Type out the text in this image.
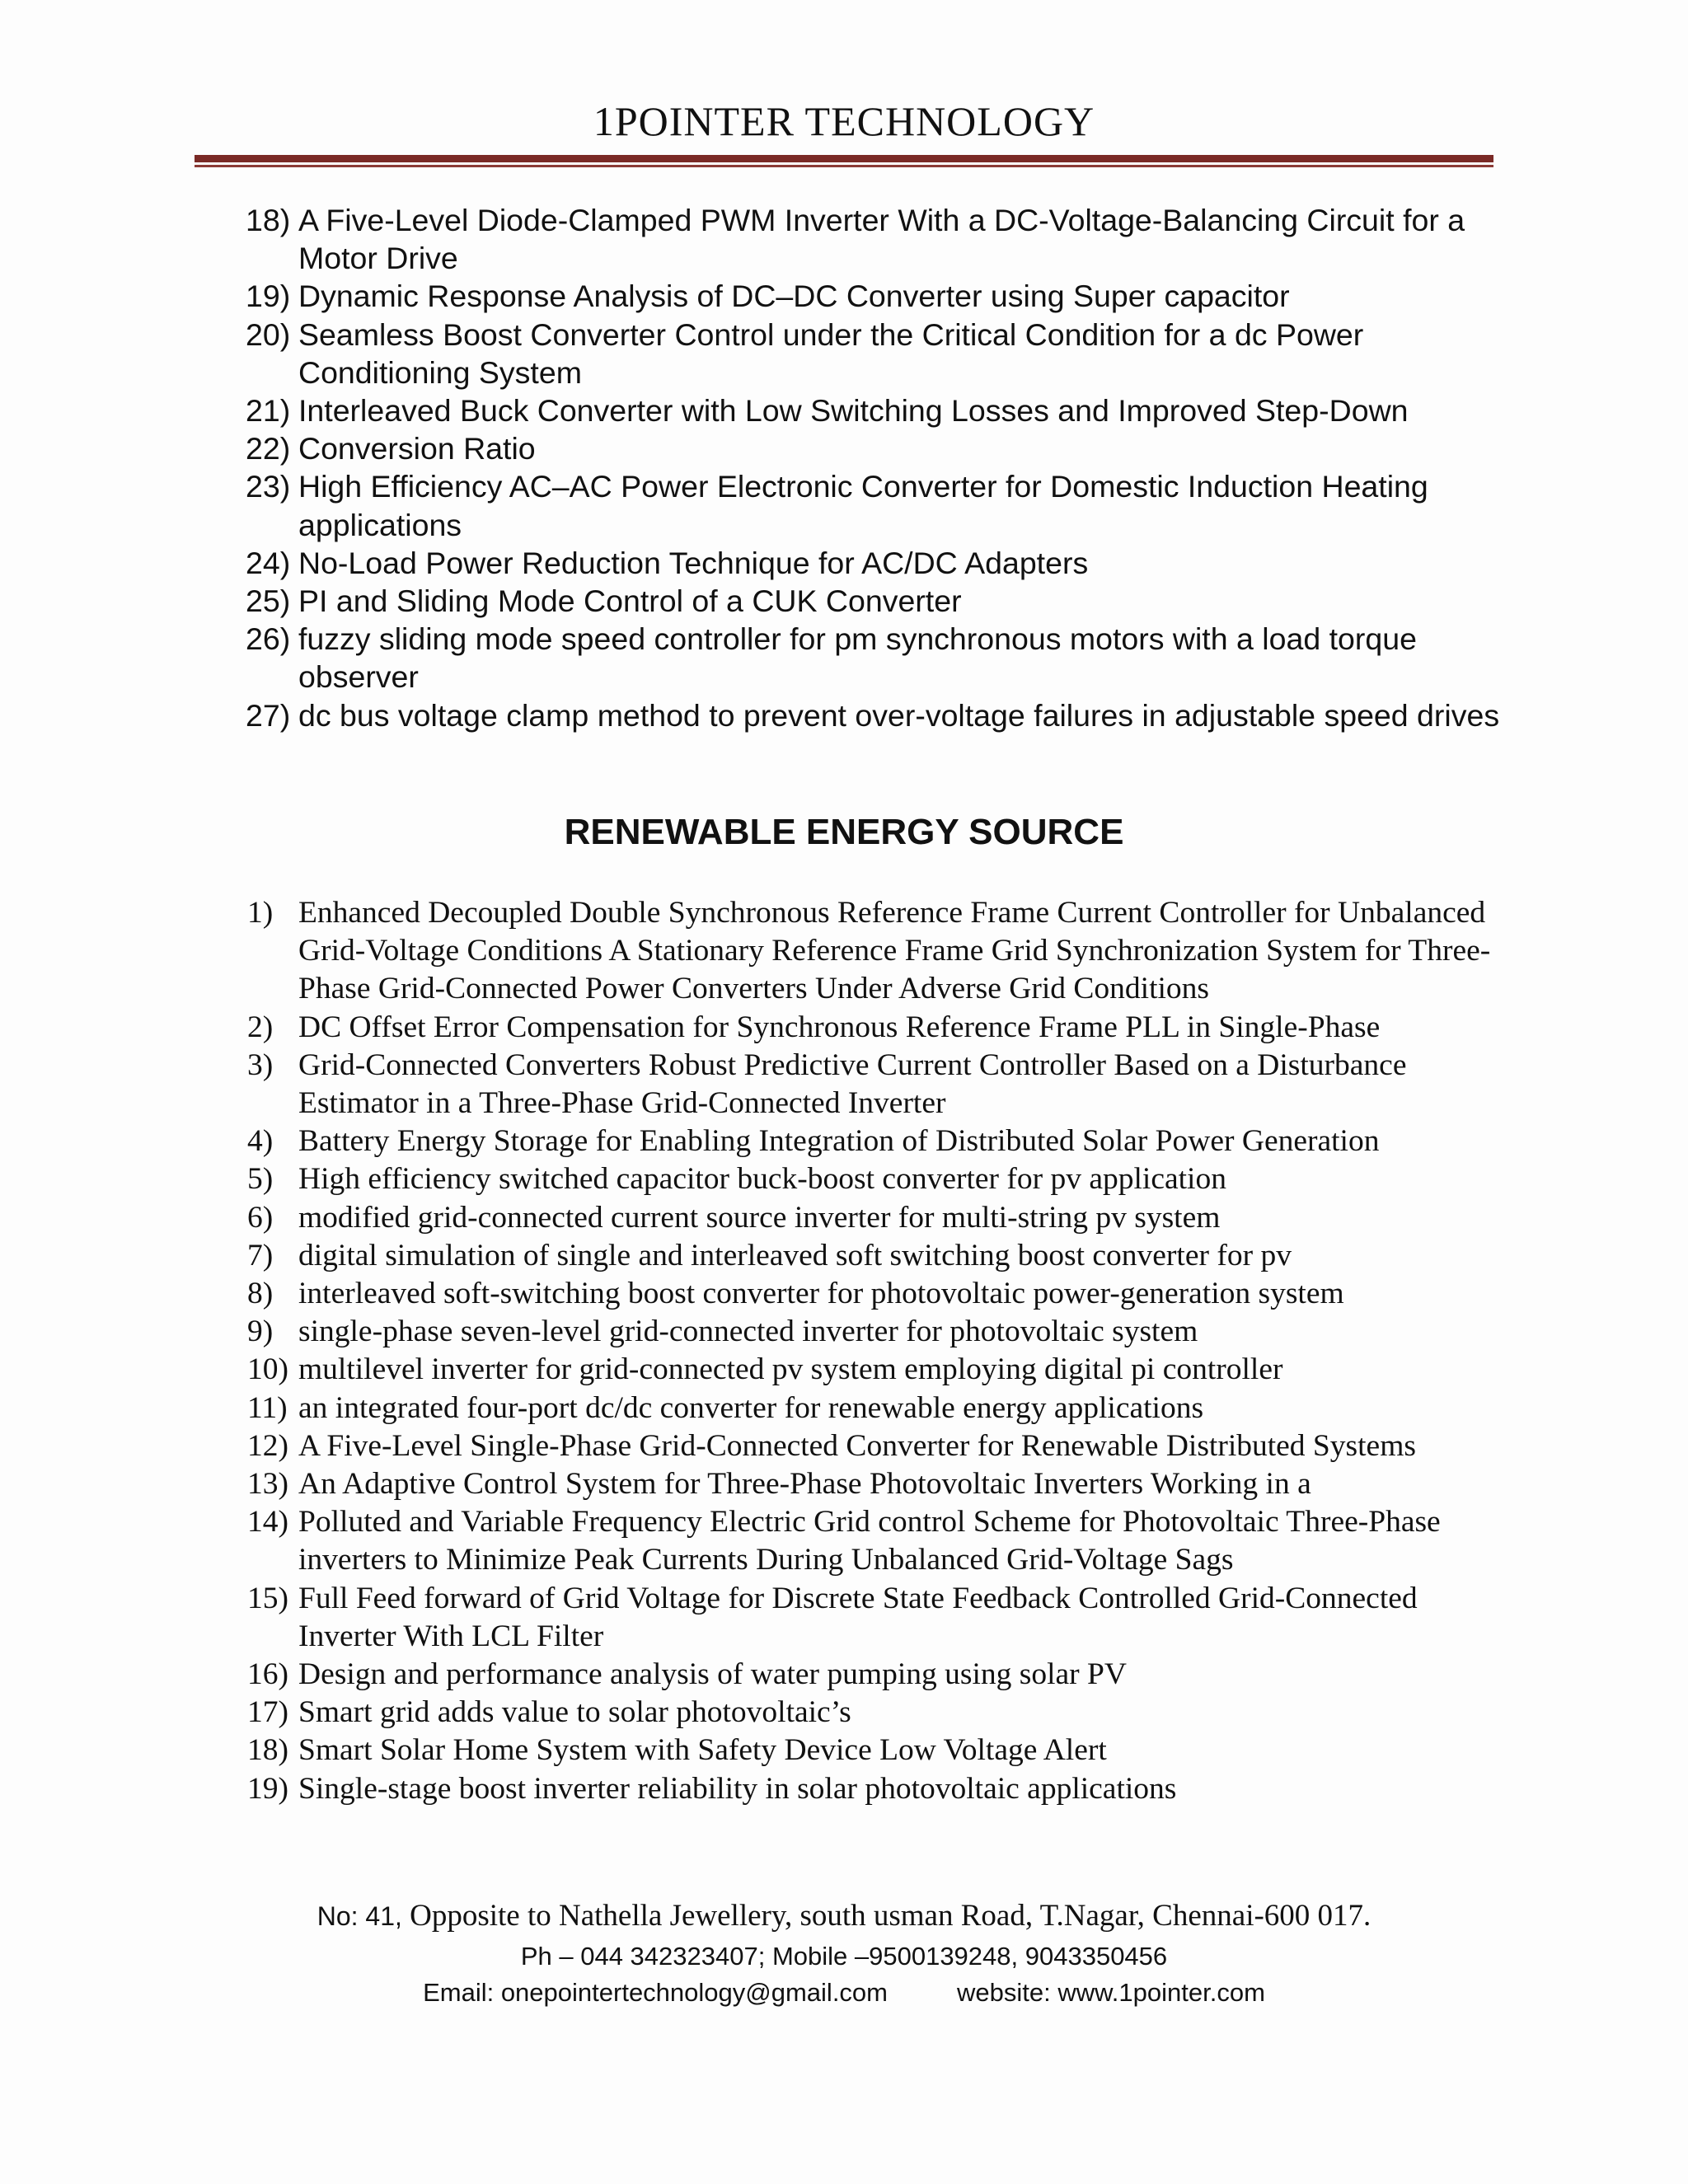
1POINTER TECHNOLOGY
18) A Five-Level Diode-Clamped PWM Inverter With a DC-Voltage-Balancing Circuit for a Motor Drive
19) Dynamic Response Analysis of DC–DC Converter using Super capacitor
20) Seamless Boost Converter Control under the Critical Condition for a dc Power Conditioning System
21) Interleaved Buck Converter with Low Switching Losses and Improved Step-Down
22) Conversion Ratio
23) High Efficiency AC–AC Power Electronic Converter for Domestic Induction Heating applications
24) No-Load Power Reduction Technique for AC/DC Adapters
25) PI and Sliding Mode Control of a CUK Converter
26) fuzzy sliding mode speed controller for pm synchronous motors with a load torque observer
27) dc bus voltage clamp method to prevent over-voltage failures in adjustable speed drives
RENEWABLE ENERGY SOURCE
1) Enhanced Decoupled Double Synchronous Reference Frame Current Controller for Unbalanced Grid-Voltage Conditions A Stationary Reference Frame Grid Synchronization System for Three-Phase Grid-Connected Power Converters Under Adverse Grid Conditions
2) DC Offset Error Compensation for Synchronous Reference Frame PLL in Single-Phase
3) Grid-Connected Converters Robust Predictive Current Controller Based on a Disturbance Estimator in a Three-Phase Grid-Connected Inverter
4) Battery Energy Storage for Enabling Integration of Distributed Solar Power Generation
5) High efficiency switched capacitor buck-boost converter for pv application
6) modified grid-connected current source inverter for multi-string pv system
7) digital simulation of single and interleaved soft switching boost converter for pv
8) interleaved soft-switching boost converter for photovoltaic power-generation system
9) single-phase seven-level grid-connected inverter for photovoltaic system
10) multilevel inverter for grid-connected pv system employing digital pi controller
11) an integrated four-port dc/dc converter for renewable energy applications
12) A Five-Level Single-Phase Grid-Connected Converter for Renewable Distributed Systems
13) An Adaptive Control System for Three-Phase Photovoltaic Inverters Working in a
14) Polluted and Variable Frequency Electric Grid control Scheme for Photovoltaic Three-Phase inverters to Minimize Peak Currents During Unbalanced Grid-Voltage Sags
15) Full Feed forward of Grid Voltage for Discrete State Feedback Controlled Grid-Connected Inverter With LCL Filter
16) Design and performance analysis of water pumping using solar PV
17) Smart grid adds value to solar photovoltaic’s
18) Smart Solar Home System with Safety Device Low Voltage Alert
19) Single-stage boost inverter reliability in solar photovoltaic applications
No: 41, Opposite to Nathella Jewellery, south usman Road, T.Nagar, Chennai-600 017.
Ph – 044 342323407; Mobile –9500139248, 9043350456
Email: onepointertechnology@gmail.com	website: www.1pointer.com
